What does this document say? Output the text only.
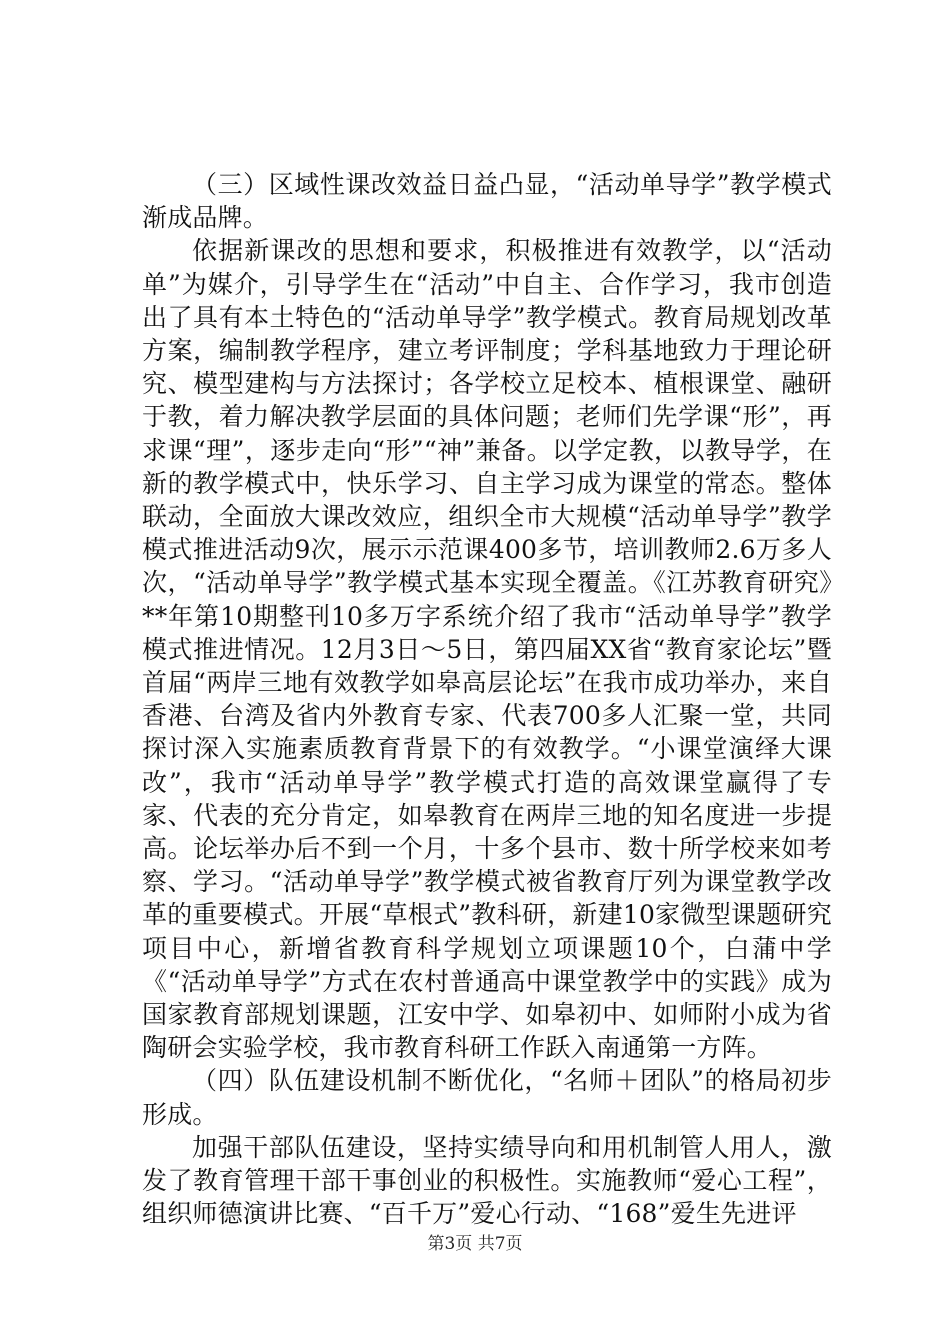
（三）区域性课改效益日益凸显，“活动单导学”教学模式渐成品牌。

依据新课改的思想和要求，积极推进有效教学，以“活动单”为媒介，引导学生在“活动”中自主、合作学习，我市创造出了具有本土特色的“活动单导学”教学模式。教育局规划改革方案，编制教学程序，建立考评制度；学科基地致力于理论研究、模型建构与方法探讨；各学校立足校本、植根课堂、融研于教，着力解决教学层面的具体问题；老师们先学课“形”，再求课“理”，逐步走向“形”“神”兼备。以学定教，以教导学，在新的教学模式中，快乐学习、自主学习成为课堂的常态。整体联动，全面放大课改效应，组织全市大规模“活动单导学”教学模式推进活动9次，展示示范课400多节，培训教师2.6万多人次，“活动单导学”教学模式基本实现全覆盖。《江苏教育研究》**年第10期整刊10多万字系统介绍了我市“活动单导学”教学模式推进情况。12月3日～5日，第四届XX省“教育家论坛”暨首届“两岸三地有效教学如皋高层论坛”在我市成功举办，来自香港、台湾及省内外教育专家、代表700多人汇聚一堂，共同探讨深入实施素质教育背景下的有效教学。“小课堂演绎大课改”，我市“活动单导学”教学模式打造的高效课堂赢得了专家、代表的充分肯定，如皋教育在两岸三地的知名度进一步提高。论坛举办后不到一个月，十多个县市、数十所学校来如考察、学习。“活动单导学”教学模式被省教育厅列为课堂教学改革的重要模式。开展“草根式”教科研，新建10家微型课题研究项目中心，新增省教育科学规划立项课题10个，白蒲中学《“活动单导学”方式在农村普通高中课堂教学中的实践》成为国家教育部规划课题，江安中学、如皋初中、如师附小成为省陶研会实验学校，我市教育科研工作跃入南通第一方阵。

（四）队伍建设机制不断优化，“名师＋团队”的格局初步形成。

加强干部队伍建设，坚持实绩导向和用机制管人用人，激发了教育管理干部干事创业的积极性。实施教师“爱心工程”，组织师德演讲比赛、“百千万”爱心行动、“168”爱生先进评

第3页 共7页
